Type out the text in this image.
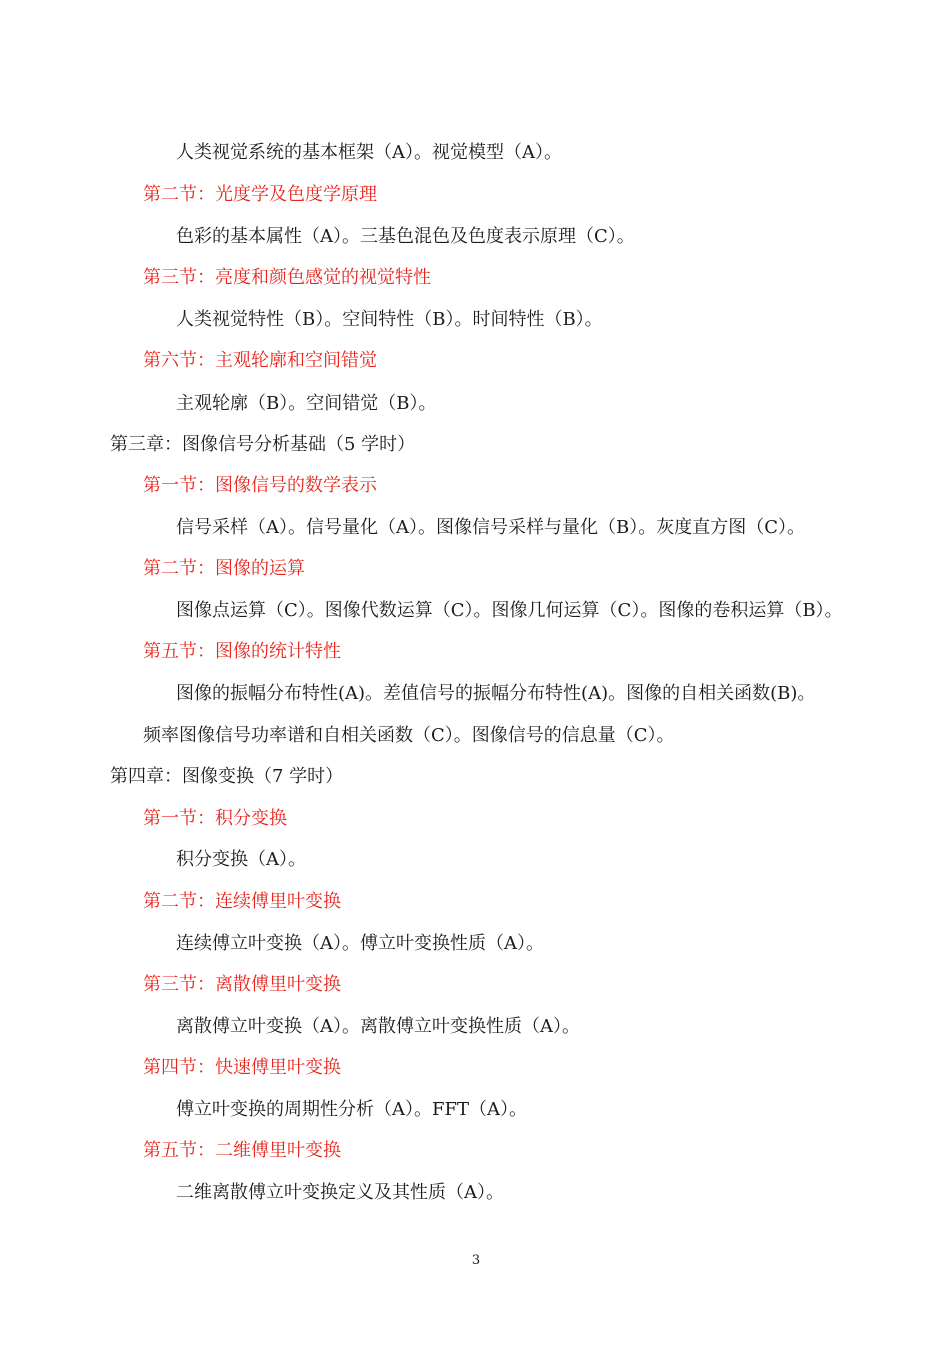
人类视觉系统的基本框架（A）。视觉模型（A）。
第二节：光度学及色度学原理
色彩的基本属性（A）。三基色混色及色度表示原理（C）。
第三节：亮度和颜色感觉的视觉特性
人类视觉特性（B）。空间特性（B）。时间特性（B）。
第六节：主观轮廓和空间错觉
主观轮廓（B）。空间错觉（B）。
第三章：图像信号分析基础（5 学时）
第一节：图像信号的数学表示
信号采样（A）。信号量化（A）。图像信号采样与量化（B）。灰度直方图（C）。
第二节：图像的运算
图像点运算（C）。图像代数运算（C）。图像几何运算（C）。图像的卷积运算（B）。
第五节：图像的统计特性
图像的振幅分布特性(A)。差值信号的振幅分布特性(A)。图像的自相关函数(B)。
频率图像信号功率谱和自相关函数（C）。图像信号的信息量（C）。
第四章：图像变换（7 学时）
第一节：积分变换
积分变换（A）。
第二节：连续傅里叶变换
连续傅立叶变换（A）。傅立叶变换性质（A）。
第三节：离散傅里叶变换
离散傅立叶变换（A）。离散傅立叶变换性质（A）。
第四节：快速傅里叶变换
傅立叶变换的周期性分析（A）。FFT（A）。
第五节：二维傅里叶变换
二维离散傅立叶变换定义及其性质（A）。
3
